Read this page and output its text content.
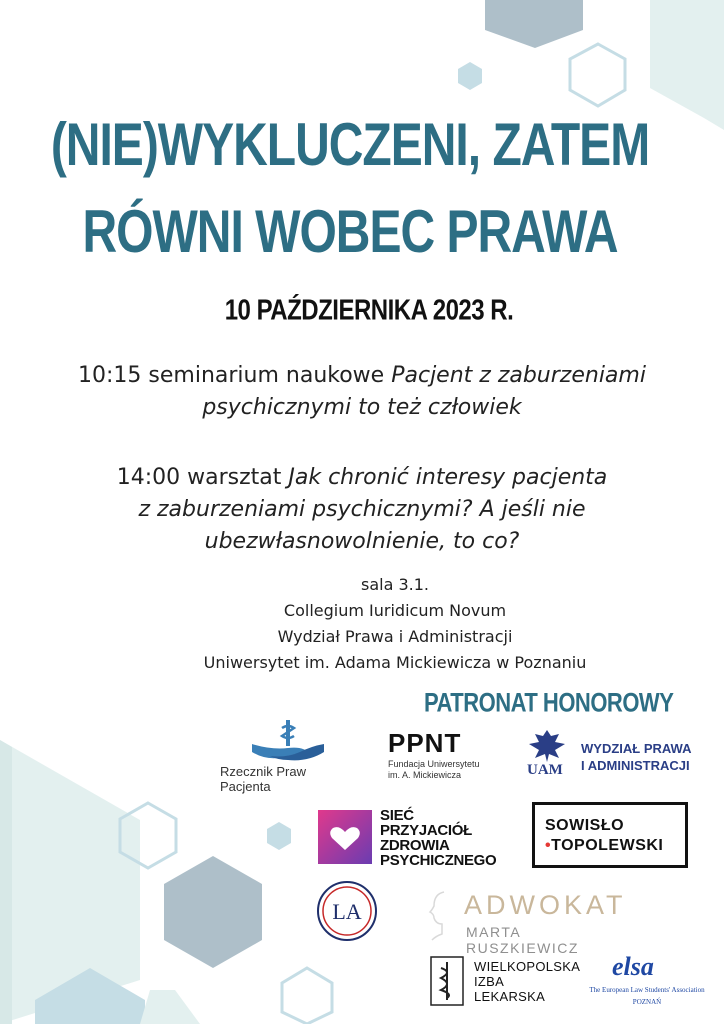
(NIE)WYKLUCZENI, ZATEM
RÓWNI WOBEC PRAWA
10 PAŹDZIERNIKA 2023 R.
10:15 seminarium naukowe Pacjent z zaburzeniami
psychicznymi to też człowiek
14:00 warsztat Jak chronić interesy pacjenta
z zaburzeniami psychicznymi? A jeśli nie
ubezwłasnowolnienie, to co?
sala 3.1.
Collegium Iuridicum Novum
Wydział Prawa i Administracji
Uniwersytet im. Adama Mickiewicza w Poznaniu
PATRONAT HONOROWY
Rzecznik Praw Pacjenta
PPNT
Fundacja Uniwersytetu
im. A. Mickiewicza	UAM
WYDZIAŁ PRAWA
I ADMINISTRACJI
SIEĆ
PRZYJACIÓŁ
ZDROWIA
PSYCHICZNEGO
SOWISŁO
•TOPOLEWSKI
LA	ADWOKAT
MARTA RUSZKIEWICZ
WIELKOPOLSKA
IZBA
LEKARSKA
elsa
The European Law Students' Association
POZNAŃ
